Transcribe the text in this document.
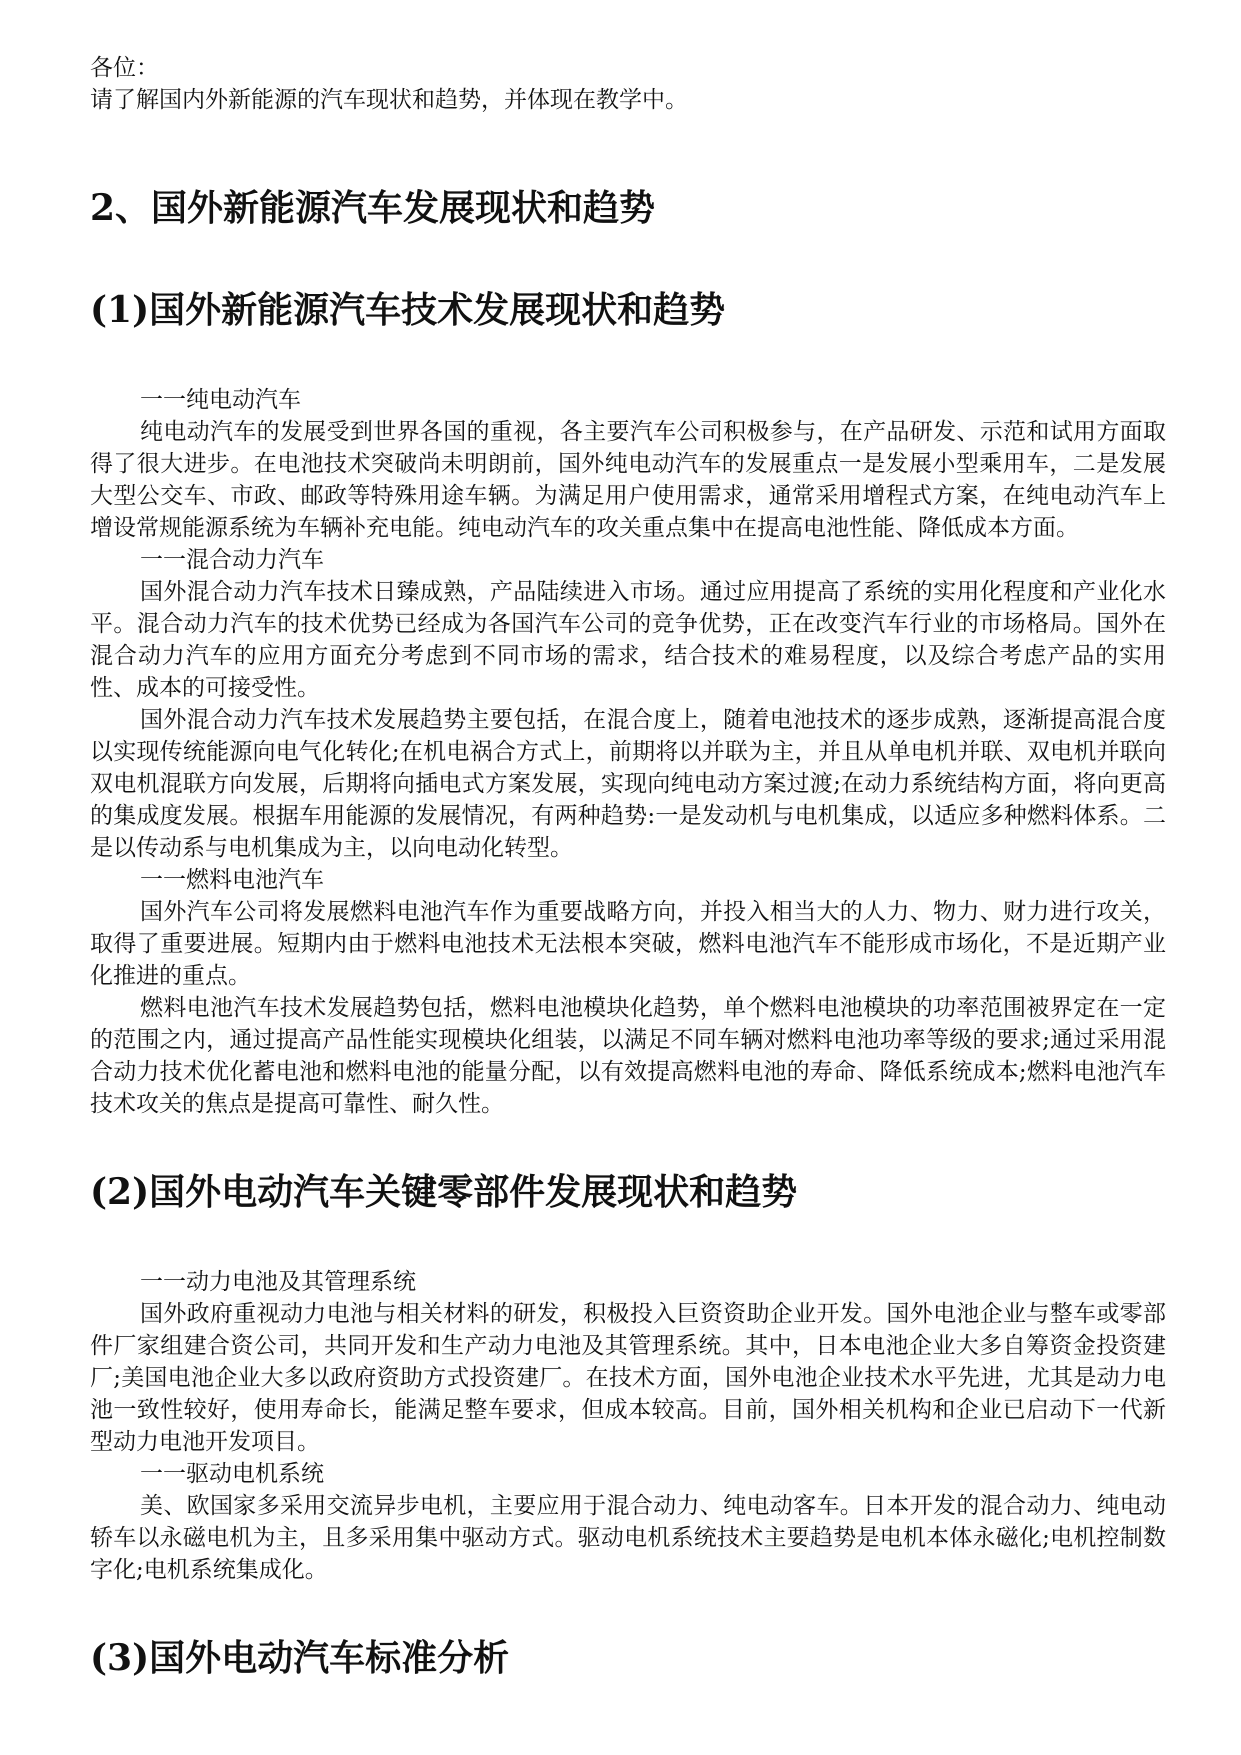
各位：

请了解国内外新能源的汽车现状和趋势，并体现在教学中。

2、国外新能源汽车发展现状和趋势
(1)国外新能源汽车技术发展现状和趋势

一一纯电动汽车

纯电动汽车的发展受到世界各国的重视，各主要汽车公司积极参与，在产品研发、示范和试用方面取得了很大进步。在电池技术突破尚未明朗前，国外纯电动汽车的发展重点一是发展小型乘用车，二是发展大型公交车、市政、邮政等特殊用途车辆。为满足用户使用需求，通常采用增程式方案，在纯电动汽车上增设常规能源系统为车辆补充电能。纯电动汽车的攻关重点集中在提高电池性能、降低成本方面。

一一混合动力汽车

国外混合动力汽车技术日臻成熟，产品陆续进入市场。通过应用提高了系统的实用化程度和产业化水平。混合动力汽车的技术优势已经成为各国汽车公司的竞争优势，正在改变汽车行业的市场格局。国外在混合动力汽车的应用方面充分考虑到不同市场的需求，结合技术的难易程度，以及综合考虑产品的实用性、成本的可接受性。

国外混合动力汽车技术发展趋势主要包括，在混合度上，随着电池技术的逐步成熟，逐渐提高混合度以实现传统能源向电气化转化;在机电祸合方式上，前期将以并联为主，并且从单电机并联、双电机并联向双电机混联方向发展，后期将向插电式方案发展，实现向纯电动方案过渡;在动力系统结构方面，将向更高的集成度发展。根据车用能源的发展情况，有两种趋势:一是发动机与电机集成，以适应多种燃料体系。二是以传动系与电机集成为主，以向电动化转型。

一一燃料电池汽车

国外汽车公司将发展燃料电池汽车作为重要战略方向，并投入相当大的人力、物力、财力进行攻关，取得了重要进展。短期内由于燃料电池技术无法根本突破，燃料电池汽车不能形成市场化，不是近期产业化推进的重点。

燃料电池汽车技术发展趋势包括，燃料电池模块化趋势，单个燃料电池模块的功率范围被界定在一定的范围之内，通过提高产品性能实现模块化组装，以满足不同车辆对燃料电池功率等级的要求;通过采用混合动力技术优化蓄电池和燃料电池的能量分配，以有效提高燃料电池的寿命、降低系统成本;燃料电池汽车技术攻关的焦点是提高可靠性、耐久性。

(2)国外电动汽车关键零部件发展现状和趋势

一一动力电池及其管理系统

国外政府重视动力电池与相关材料的研发，积极投入巨资资助企业开发。国外电池企业与整车或零部件厂家组建合资公司，共同开发和生产动力电池及其管理系统。其中，日本电池企业大多自筹资金投资建厂;美国电池企业大多以政府资助方式投资建厂。在技术方面，国外电池企业技术水平先进，尤其是动力电池一致性较好，使用寿命长，能满足整车要求，但成本较高。目前，国外相关机构和企业已启动下一代新型动力电池开发项目。

一一驱动电机系统

美、欧国家多采用交流异步电机，主要应用于混合动力、纯电动客车。日本开发的混合动力、纯电动轿车以永磁电机为主，且多采用集中驱动方式。驱动电机系统技术主要趋势是电机本体永磁化;电机控制数字化;电机系统集成化。

(3)国外电动汽车标准分析
